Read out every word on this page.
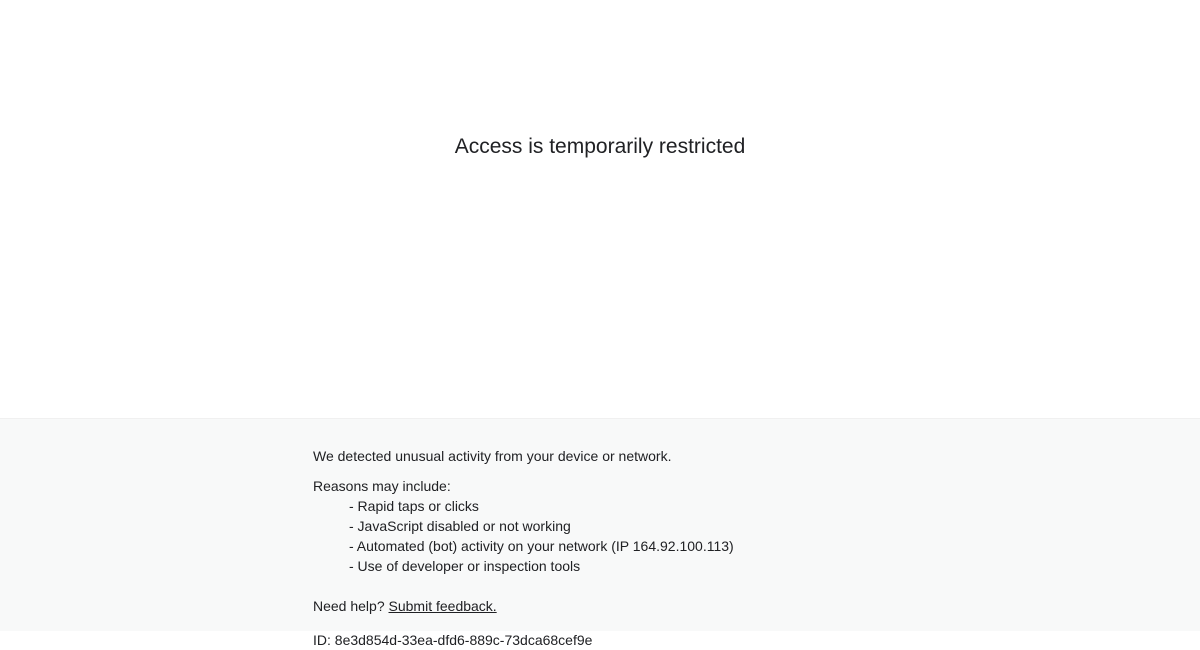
Access is temporarily restricted

We detected unusual activity from your device or network.

Reasons may include:

- Rapid taps or clicks
- JavaScript disabled or not working
- Automated (bot) activity on your network (IP 164.92.100.113)
- Use of developer or inspection tools

Need help? Submit feedback.

ID: 8e3d854d-33ea-dfd6-889c-73dca68cef9e
